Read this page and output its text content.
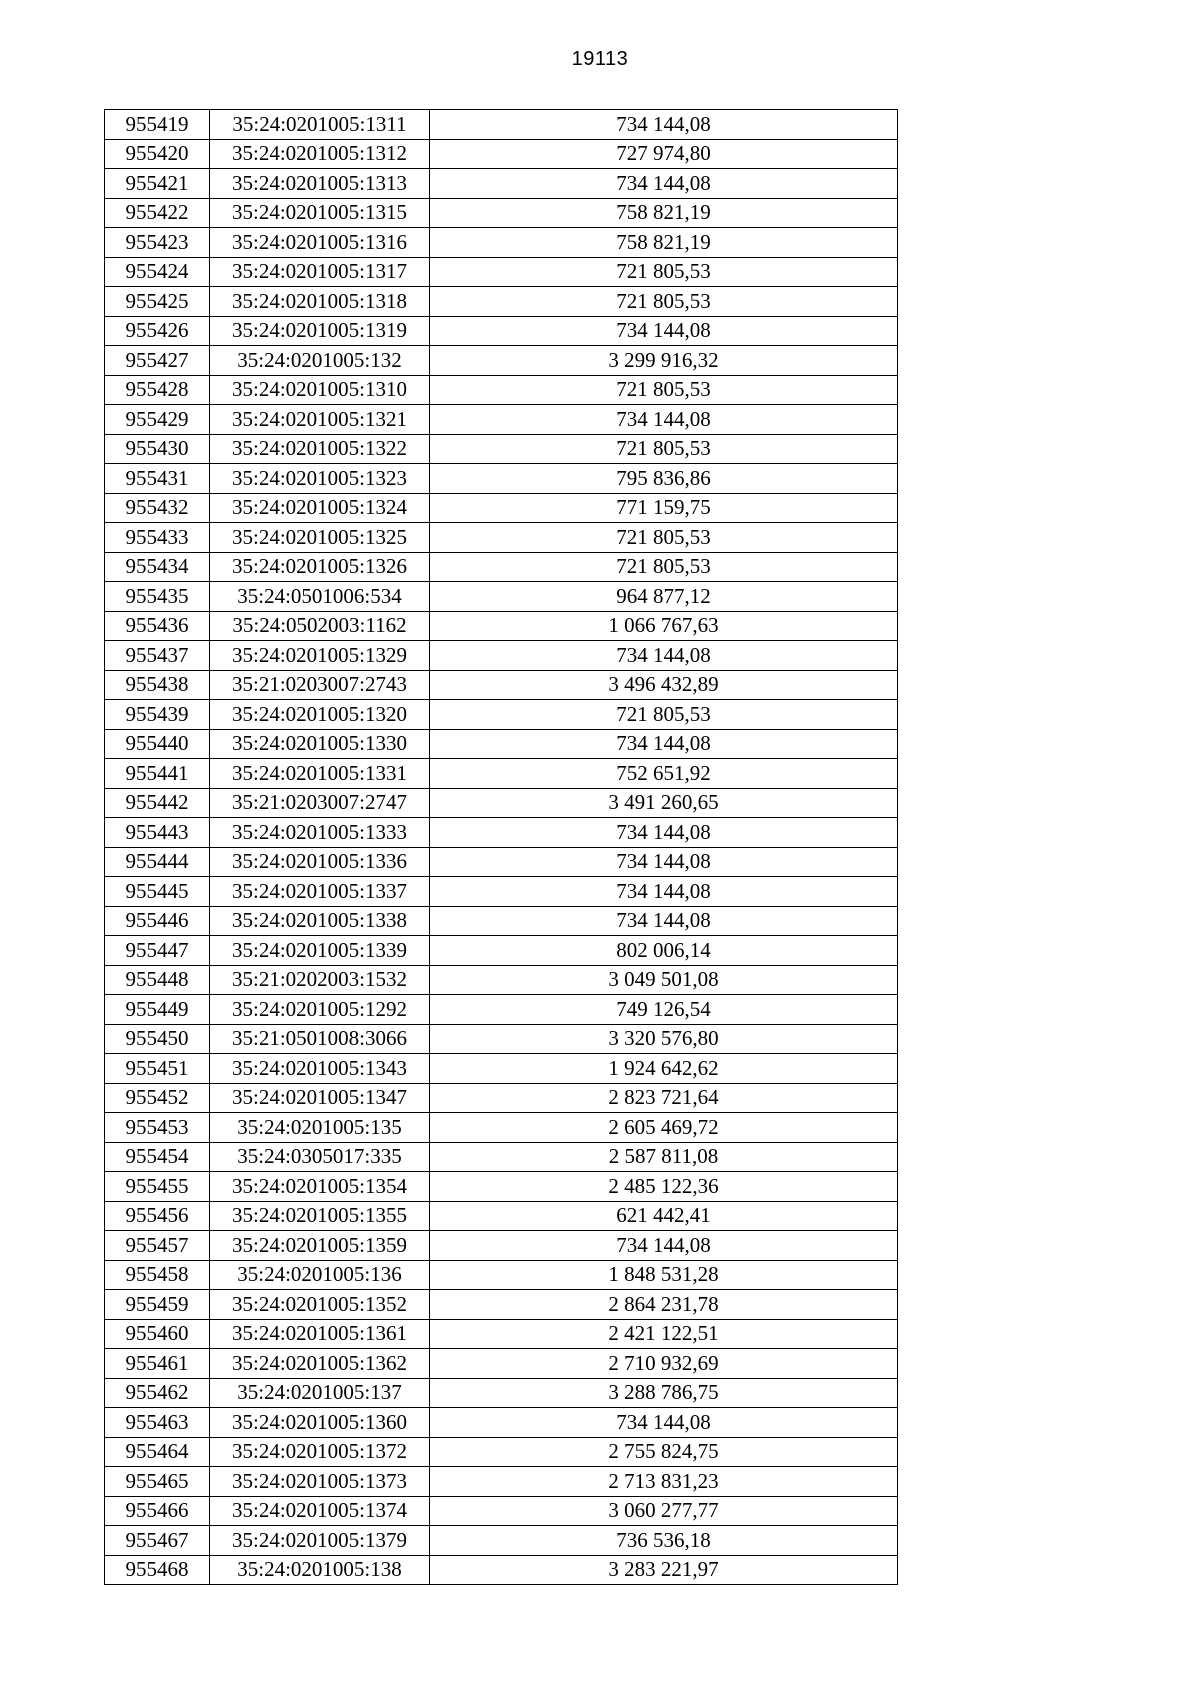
19113
955419	35:24:0201005:1311	734 144,08
955420	35:24:0201005:1312	727 974,80
955421	35:24:0201005:1313	734 144,08
955422	35:24:0201005:1315	758 821,19
955423	35:24:0201005:1316	758 821,19
955424	35:24:0201005:1317	721 805,53
955425	35:24:0201005:1318	721 805,53
955426	35:24:0201005:1319	734 144,08
955427	35:24:0201005:132	3 299 916,32
955428	35:24:0201005:1310	721 805,53
955429	35:24:0201005:1321	734 144,08
955430	35:24:0201005:1322	721 805,53
955431	35:24:0201005:1323	795 836,86
955432	35:24:0201005:1324	771 159,75
955433	35:24:0201005:1325	721 805,53
955434	35:24:0201005:1326	721 805,53
955435	35:24:0501006:534	964 877,12
955436	35:24:0502003:1162	1 066 767,63
955437	35:24:0201005:1329	734 144,08
955438	35:21:0203007:2743	3 496 432,89
955439	35:24:0201005:1320	721 805,53
955440	35:24:0201005:1330	734 144,08
955441	35:24:0201005:1331	752 651,92
955442	35:21:0203007:2747	3 491 260,65
955443	35:24:0201005:1333	734 144,08
955444	35:24:0201005:1336	734 144,08
955445	35:24:0201005:1337	734 144,08
955446	35:24:0201005:1338	734 144,08
955447	35:24:0201005:1339	802 006,14
955448	35:21:0202003:1532	3 049 501,08
955449	35:24:0201005:1292	749 126,54
955450	35:21:0501008:3066	3 320 576,80
955451	35:24:0201005:1343	1 924 642,62
955452	35:24:0201005:1347	2 823 721,64
955453	35:24:0201005:135	2 605 469,72
955454	35:24:0305017:335	2 587 811,08
955455	35:24:0201005:1354	2 485 122,36
955456	35:24:0201005:1355	621 442,41
955457	35:24:0201005:1359	734 144,08
955458	35:24:0201005:136	1 848 531,28
955459	35:24:0201005:1352	2 864 231,78
955460	35:24:0201005:1361	2 421 122,51
955461	35:24:0201005:1362	2 710 932,69
955462	35:24:0201005:137	3 288 786,75
955463	35:24:0201005:1360	734 144,08
955464	35:24:0201005:1372	2 755 824,75
955465	35:24:0201005:1373	2 713 831,23
955466	35:24:0201005:1374	3 060 277,77
955467	35:24:0201005:1379	736 536,18
955468	35:24:0201005:138	3 283 221,97
